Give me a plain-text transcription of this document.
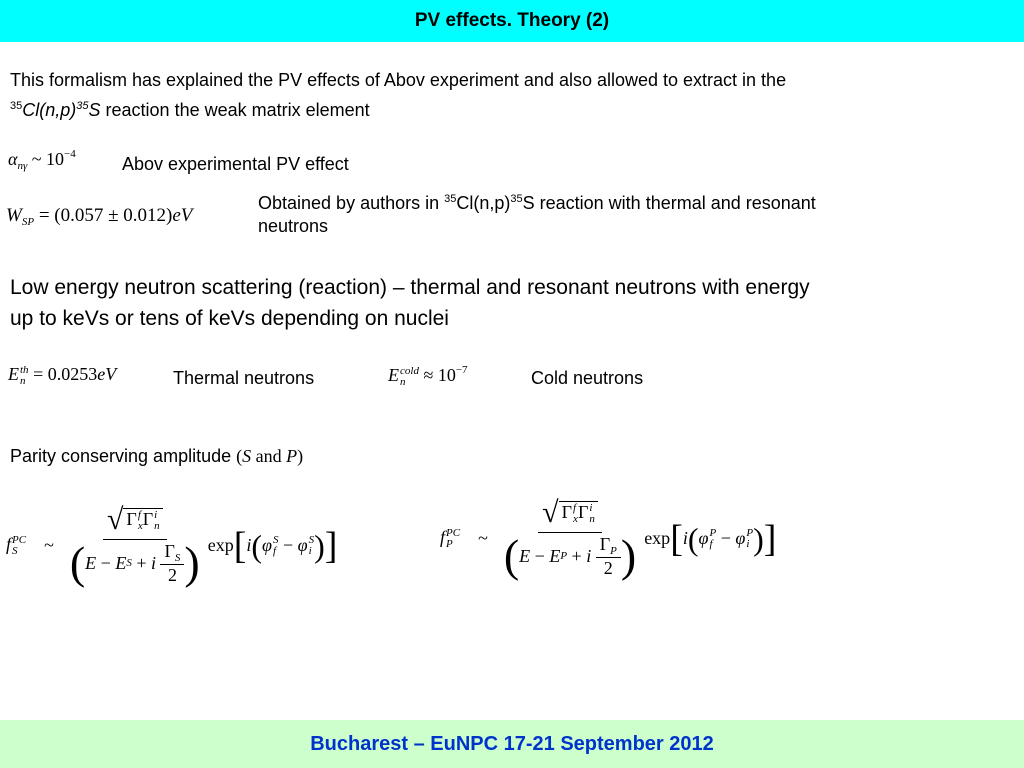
PV effects. Theory (2)
This formalism has explained the PV effects of Abov experiment and also allowed to extract in the
$^{35}Cl(n,p)^{35}S$ reaction the weak matrix element
$\alpha_{n\gamma}$ ~ $10^{-4}$	Abov experimental PV effect
$W_{SP} = (0.057 \pm 0.012)eV$
Obtained by authors in $^{35}Cl(n,p)^{35}S$ reaction with thermal and resonant
neutrons
Low energy neutron scattering (reaction) – thermal and resonant neutrons with energy
up to keVs or tens of keVs depending on nuclei
E th
n = 0.0253eV	Thermal neutrons	E cold
$n \approx 10^{-7}$	Cold neutrons
Parity conserving amplitude (S and P)
f PC
S	~ √ Γ f
x Γ i
n
( E − E S + i
$\frac{\Gamma_S}{2}$ ) exp [ i ( φ S
f − φ S
i ) ]	f PC
P	~ √ Γ f
x Γ i
n
( E − E P + i
$\frac{\Gamma_P}{2}$ ) exp [ i ( φ P
f − φ P
i ) ]
Bucharest – EuNPC 17-21 September 2012
